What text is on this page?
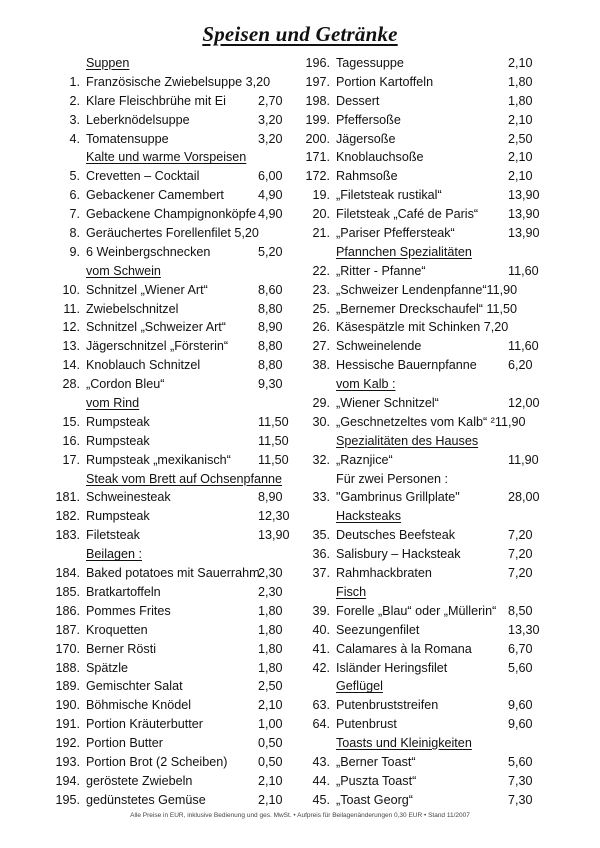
Speisen und Getränke
Suppen
1. Französische Zwiebelsuppe 3,20
2. Klare Fleischbrühe mit Ei	2,70
3. Leberknödelsuppe	3,20
4. Tomatensuppe	3,20
Kalte und warme Vorspeisen
5. Crevetten – Cocktail	6,00
6. Gebackener Camembert	4,90
7. Gebackene Champignonköpfe 4,90
8. Geräuchertes Forellenfilet 5,20
9. 6 Weinbergschnecken	5,20
vom Schwein
10. Schnitzel „Wiener Art“	8,60
11. Zwiebelschnitzel	8,80
12. Schnitzel „Schweizer Art“	8,90
13. Jägerschnitzel „Försterin“ 8,80
14. Knoblauch Schnitzel	8,80
28. „Cordon Bleu“	9,30
vom Rind
15. Rumpsteak	11,50
16. Rumpsteak	11,50
17. Rumpsteak „mexikanisch“ 11,50
Steak vom Brett auf Ochsenpfanne
181. Schweinesteak	8,90
182. Rumpsteak	12,30
183. Filetsteak	13,90
Beilagen :
184. Baked potatoes mit Sauerrahm
2,30
185. Bratkartoffeln	2,30
186. Pommes Frites	1,80
187. Kroquetten	1,80
170. Berner Rösti	1,80
188. Spätzle	1,80
189. Gemischter Salat	2,50
190. Böhmische Knödel	2,10
191. Portion Kräuterbutter	1,00
192. Portion Butter	0,50
193. Portion Brot (2 Scheiben) 0,50
194. geröstete Zwiebeln	2,10
195. gedünstetes Gemüse	2,10
196. Tagessuppe	2,10
197. Portion Kartoffeln	1,80
198. Dessert	1,80
199. Pfeffersoße	2,10
200. Jägersoße	2,50
171. Knoblauchsoße	2,10
172. Rahmsoße	2,10
19. „Filetsteak rustikal“	13,90
20. Filetsteak „Café de Paris“ 13,90
21. „Pariser Pfeffersteak“	13,90
Pfannchen Spezialitäten
22. „Ritter - Pfanne“	11,60
23. „Schweizer Lendenpfanne“11,90
25. „Bernemer Dreckschaufel“ 11,50
26. Käsespätzle mit Schinken 7,20
27. Schweinelende	11,60
38. Hessische Bauernpfanne 6,20
vom Kalb :
29. „Wiener Schnitzel“	12,00
30. „Geschnetzeltes vom Kalb“ ²11,90
Spezialitäten des Hauses
32. „Raznjice“	11,90
Für zwei Personen :
33. "Gambrinus Grillplate"	28,00
Hacksteaks
35. Deutsches Beefsteak	7,20
36. Salisbury – Hacksteak	7,20
37. Rahmhackbraten	7,20
Fisch
39. Forelle „Blau“ oder „Müllerin“ 8,50
40. Seezungenfilet	13,30
41. Calamares à la Romana	6,70
42. Isländer Heringsfilet	5,60
Geflügel
63. Putenbruststreifen	9,60
64. Putenbrust	9,60
Toasts und Kleinigkeiten
43. „Berner Toast“	5,60
44. „Puszta Toast“	7,30
45. „Toast Georg“	7,30
Alle Preise in EUR, inklusive Bedienung und ges. MwSt. • Aufpreis für Beilagenänderungen 0,30 EUR • Stand 11/2007
